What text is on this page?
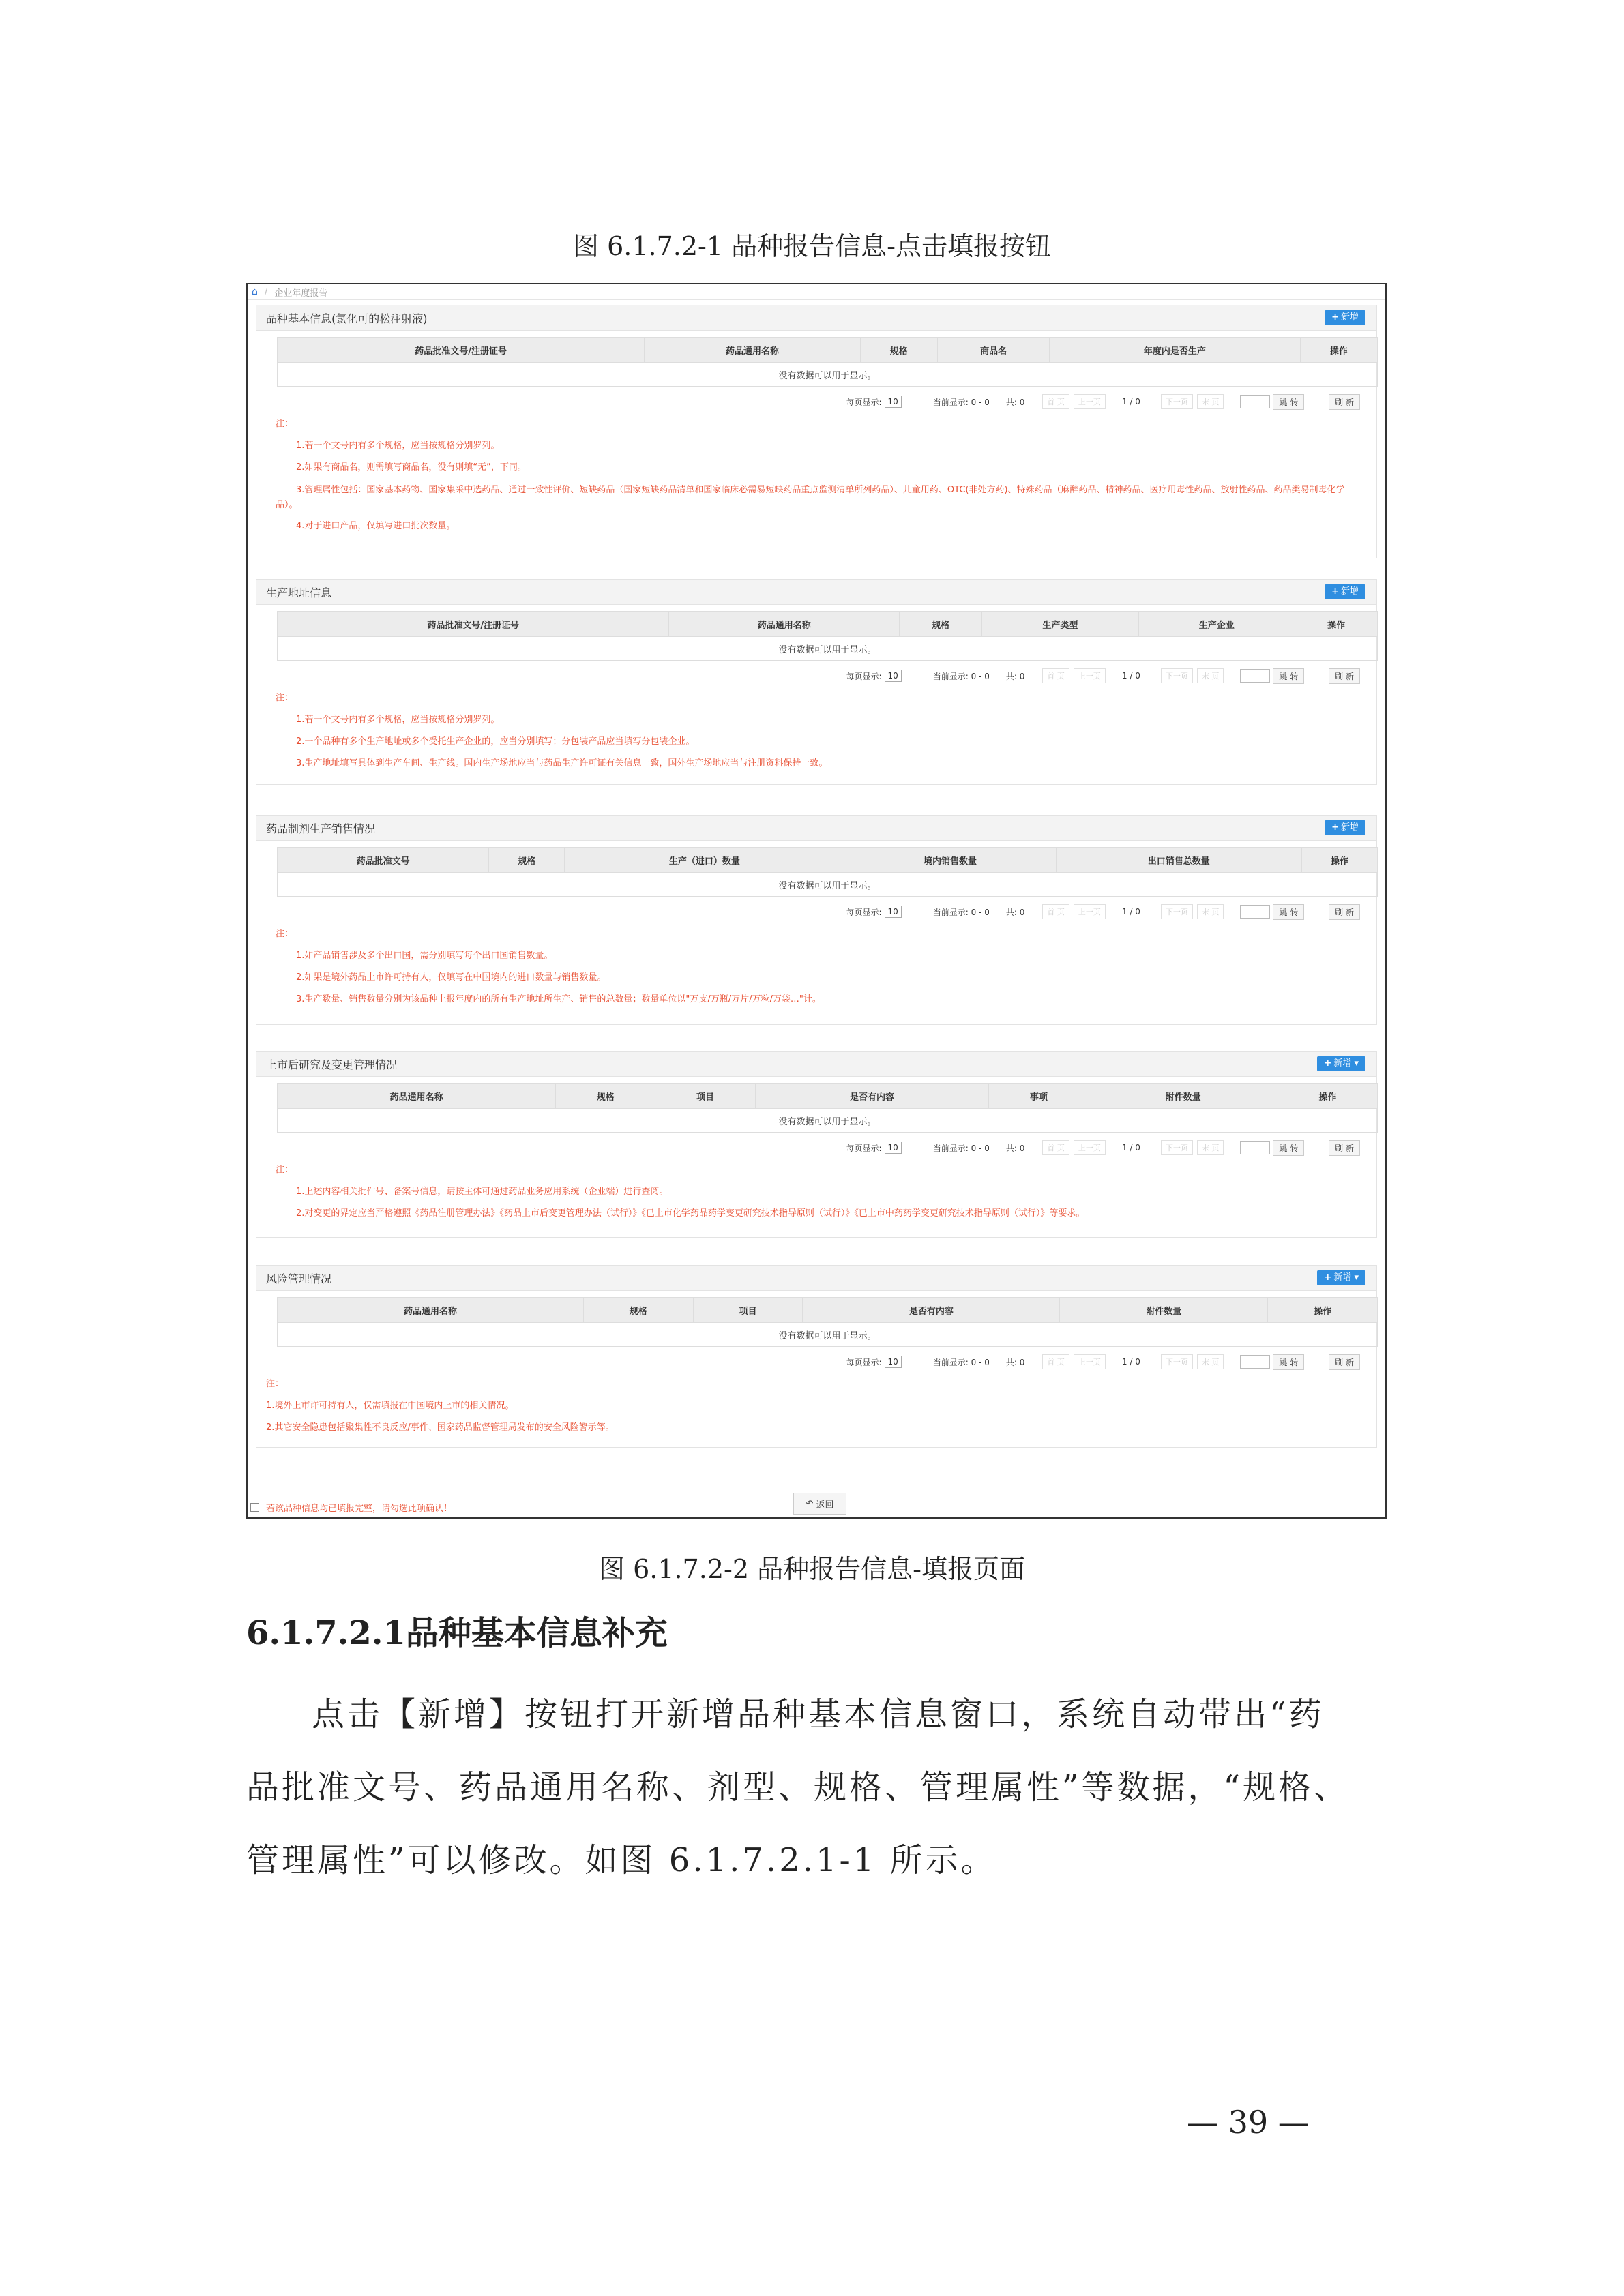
图 6.1.7.2-1 品种报告信息-点击填报按钮
⌂ / 企业年度报告
品种基本信息(氯化可的松注射液)	+ 新增
药品批准文号/注册证号	药品通用名称	规格	商品名	年度内是否生产	操作
没有数据可以用于显示。
每页显示: 10	当前显示: 0 - 0 共: 0	首 页	上一页	1 / 0	下一页	末 页	跳 转	刷 新
注：
1.若一个文号内有多个规格，应当按规格分别罗列。
2.如果有商品名，则需填写商品名，没有则填“无”，下同。
3.管理属性包括：国家基本药物、国家集采中选药品、通过一致性评价、短缺药品（国家短缺药品清单和国家临床必需易短缺药品重点监测清单所列药品）、儿童用药、OTC(非处方药)、特殊药品（麻醉药品、精神药品、医疗用毒性药品、放射性药品、药品类易制毒化学品）。
4.对于进口产品，仅填写进口批次数量。
生产地址信息	+ 新增
药品批准文号/注册证号	药品通用名称	规格	生产类型	生产企业	操作
没有数据可以用于显示。
每页显示: 10	当前显示: 0 - 0 共: 0	首 页	上一页	1 / 0	下一页	末 页	跳 转	刷 新
注：
1.若一个文号内有多个规格，应当按规格分别罗列。
2.一个品种有多个生产地址或多个受托生产企业的，应当分别填写；分包装产品应当填写分包装企业。
3.生产地址填写具体到生产车间、生产线。国内生产场地应当与药品生产许可证有关信息一致，国外生产场地应当与注册资料保持一致。
药品制剂生产销售情况	+ 新增
药品批准文号	规格	生产（进口）数量	境内销售数量	出口销售总数量	操作
没有数据可以用于显示。
每页显示: 10	当前显示: 0 - 0 共: 0	首 页	上一页	1 / 0	下一页	末 页	跳 转	刷 新
注：
1.如产品销售涉及多个出口国，需分别填写每个出口国销售数量。
2.如果是境外药品上市许可持有人，仅填写在中国境内的进口数量与销售数量。
3.生产数量、销售数量分别为该品种上报年度内的所有生产地址所生产、销售的总数量；数量单位以"万支/万瓶/万片/万粒/万袋…"计。
上市后研究及变更管理情况	+ 新增 ▾
药品通用名称	规格	项目	是否有内容	事项	附件数量	操作
没有数据可以用于显示。
每页显示: 10	当前显示: 0 - 0 共: 0	首 页	上一页	1 / 0	下一页	末 页	跳 转	刷 新
注：
1.上述内容相关批件号、备案号信息，请按主体可通过药品业务应用系统（企业端）进行查阅。
2.对变更的界定应当严格遵照《药品注册管理办法》《药品上市后变更管理办法（试行）》《已上市化学药品药学变更研究技术指导原则（试行）》《已上市中药药学变更研究技术指导原则（试行）》等要求。
风险管理情况	+ 新增 ▾
药品通用名称	规格	项目	是否有内容	附件数量	操作
没有数据可以用于显示。
每页显示: 10	当前显示: 0 - 0 共: 0	首 页	上一页	1 / 0	下一页	末 页	跳 转	刷 新
注：
1.境外上市许可持有人，仅需填报在中国境内上市的相关情况。
2.其它安全隐患包括聚集性不良反应/事件、国家药品监督管理局发布的安全风险警示等。
若该品种信息均已填报完整，请勾选此项确认！	↶ 返回
图 6.1.7.2-2 品种报告信息-填报页面
6.1.7.2.1品种基本信息补充
点击【新增】按钮打开新增品种基本信息窗口，系统自动带出“药
品批准文号、药品通用名称、剂型、规格、管理属性”等数据，“规格、
管理属性”可以修改。如图 6.1.7.2.1-1 所示。
— 39 —
